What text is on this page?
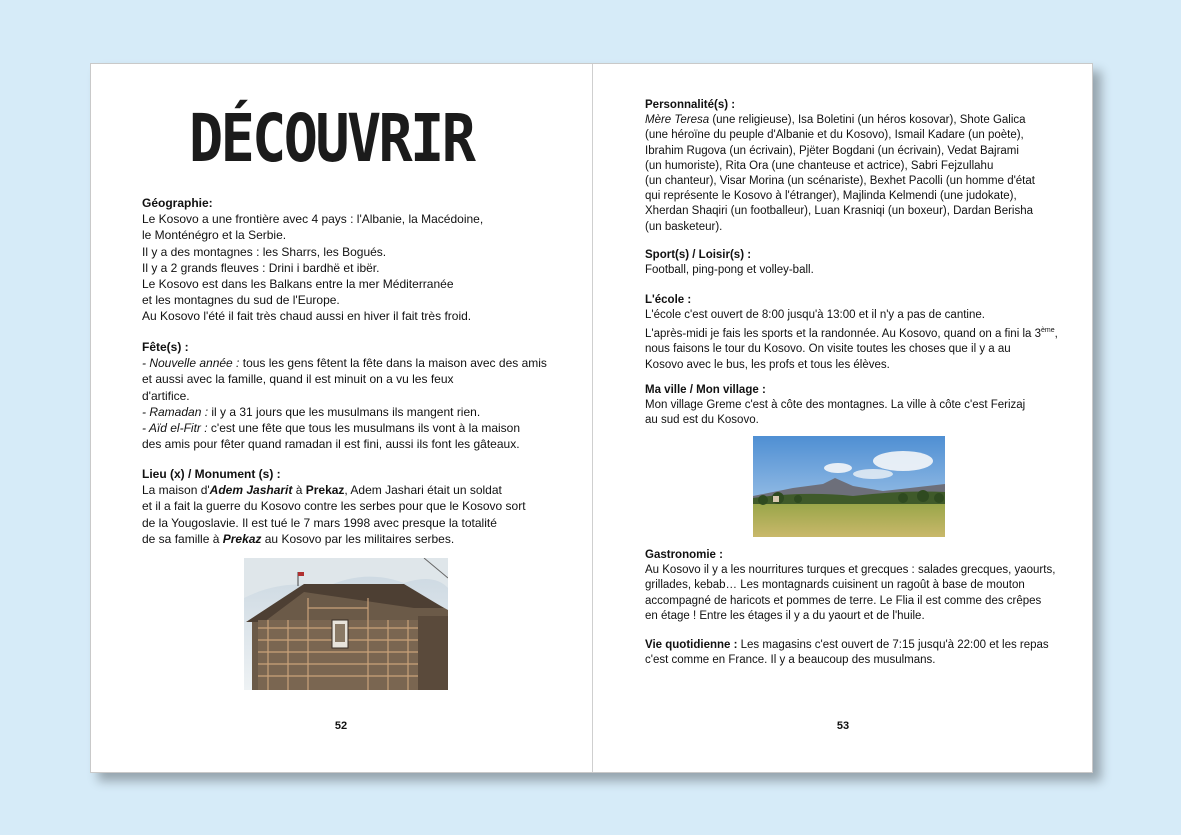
DÉCOUVRIR
Géographie:
Le Kosovo a une frontière avec 4 pays : l'Albanie, la Macédoine,
le Monténégro et la Serbie.
Il y a des montagnes : les Sharrs, les Bogués.
Il y a 2 grands fleuves : Drini i bardhë et ibër.
Le Kosovo est dans les Balkans entre la mer Méditerranée
et les montagnes du sud de l'Europe.
Au Kosovo l'été il fait très chaud aussi en hiver il fait très froid.
Fête(s) :
- Nouvelle année : tous les gens fêtent la fête dans la maison avec des amis
et aussi avec la famille, quand il est minuit on a vu les feux
d'artifice.
- Ramadan : il y a 31 jours que les musulmans ils mangent rien.
- Aïd el-Fitr : c'est une fête que tous les musulmans ils vont à la maison
des amis pour fêter quand ramadan il est fini, aussi ils font les gâteaux.
Lieu (x) / Monument (s) :
La maison d'Adem Jasharit à Prekaz, Adem Jashari était un soldat
et il a fait la guerre du Kosovo contre les serbes pour que le Kosovo sort
de la Yougoslavie. Il est tué le 7 mars 1998 avec presque la totalité
de sa famille à Prekaz au Kosovo par les militaires serbes.
52
Personnalité(s) :

Mère Teresa (une religieuse), Isa Boletini (un héros kosovar), Shote Galica

(une héroïne du peuple d'Albanie et du Kosovo), Ismail Kadare (un poète),

Ibrahim Rugova (un écrivain), Pjëter Bogdani (un écrivain), Vedat Bajrami

(un humoriste), Rita Ora (une chanteuse et actrice), Sabri Fejzullahu

(un chanteur), Visar Morina (un scénariste), Bexhet Pacolli (un homme d'état

qui représente le Kosovo à l'étranger), Majlinda Kelmendi (une judokate),

Xherdan Shaqiri (un footballeur), Luan Krasniqi (un boxeur), Dardan Berisha

(un basketeur).

Sport(s) / Loisir(s) :

Football, ping-pong et volley-ball.

L'école :

L'école c'est ouvert de 8:00 jusqu'à 13:00 et il n'y a pas de cantine.

L'après-midi je fais les sports et la randonnée. Au Kosovo, quand on a fini la 3ème,

nous faisons le tour du Kosovo. On visite toutes les choses que il y a au

Kosovo avec le bus, les profs et tous les élèves.

Ma ville / Mon village :

Mon village Greme c'est à côte des montagnes. La ville à côte c'est Ferizaj

au sud est du Kosovo.

Gastronomie :

Au Kosovo il y a les nourritures turques et grecques : salades grecques, yaourts,

grillades, kebab… Les montagnards cuisinent un ragoût à base de mouton

accompagné de haricots et pommes de terre. Le Flia il est comme des crêpes

en étage ! Entre les étages il y a du yaourt et de l'huile.

Vie quotidienne : Les magasins c'est ouvert de 7:15 jusqu'à 22:00 et les repas

c'est comme en France. Il y a beaucoup des musulmans.

53
